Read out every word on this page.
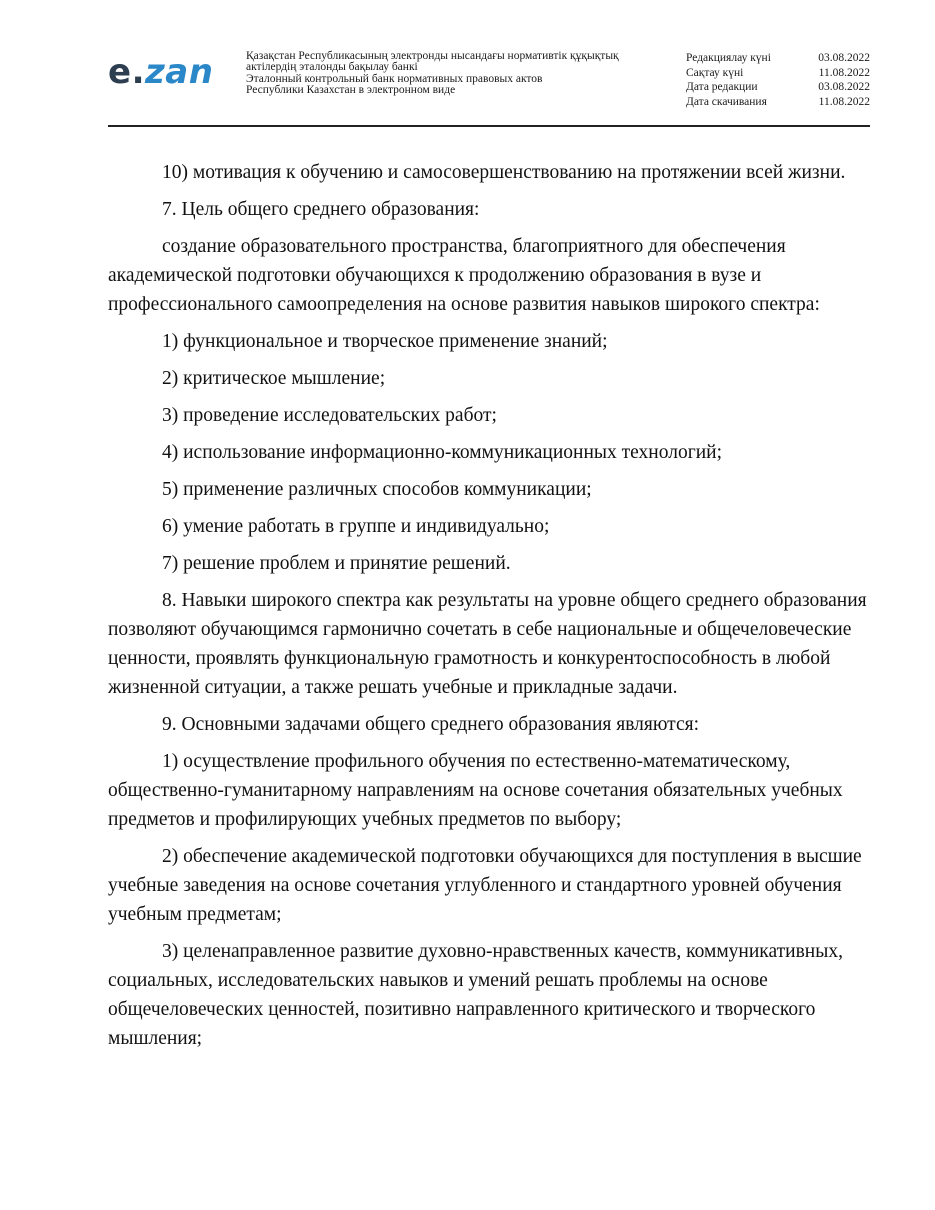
e . zan	Қазақстан Республикасының электронды нысандағы нормативтік құқықтық
актілердің эталонды бақылау банкі
Эталонный контрольный банк нормативных правовых актов
Республики Казахстан в электронном виде
Редакциялау күні	03.08.2022
Сақтау күні	11.08.2022
Дата редакции	03.08.2022
Дата скачивания	11.08.2022

10) мотивация к обучению и самосовершенствованию на протяжении всей жизни.

7. Цель общего среднего образования:

создание образовательного пространства, благоприятного для обеспечения академической подготовки обучающихся к продолжению образования в вузе и профессионального самоопределения на основе развития навыков широкого спектра:

1) функциональное и творческое применение знаний;

2) критическое мышление;

3) проведение исследовательских работ;

4) использование информационно-коммуникационных технологий;

5) применение различных способов коммуникации;

6) умение работать в группе и индивидуально;

7) решение проблем и принятие решений.

8. Навыки широкого спектра как результаты на уровне общего среднего образования позволяют обучающимся гармонично сочетать в себе национальные и общечеловеческие ценности, проявлять функциональную грамотность и конкурентоспособность в любой жизненной ситуации, а также решать учебные и прикладные задачи.

9. Основными задачами общего среднего образования являются:

1) осуществление профильного обучения по естественно-математическому, общественно-гуманитарному направлениям на основе сочетания обязательных учебных предметов и профилирующих учебных предметов по выбору;

2) обеспечение академической подготовки обучающихся для поступления в высшие учебные заведения на основе сочетания углубленного и стандартного уровней обучения учебным предметам;

3) целенаправленное развитие духовно-нравственных качеств, коммуникативных, социальных, исследовательских навыков и умений решать проблемы на основе общечеловеческих ценностей, позитивно направленного критического и творческого мышления;
